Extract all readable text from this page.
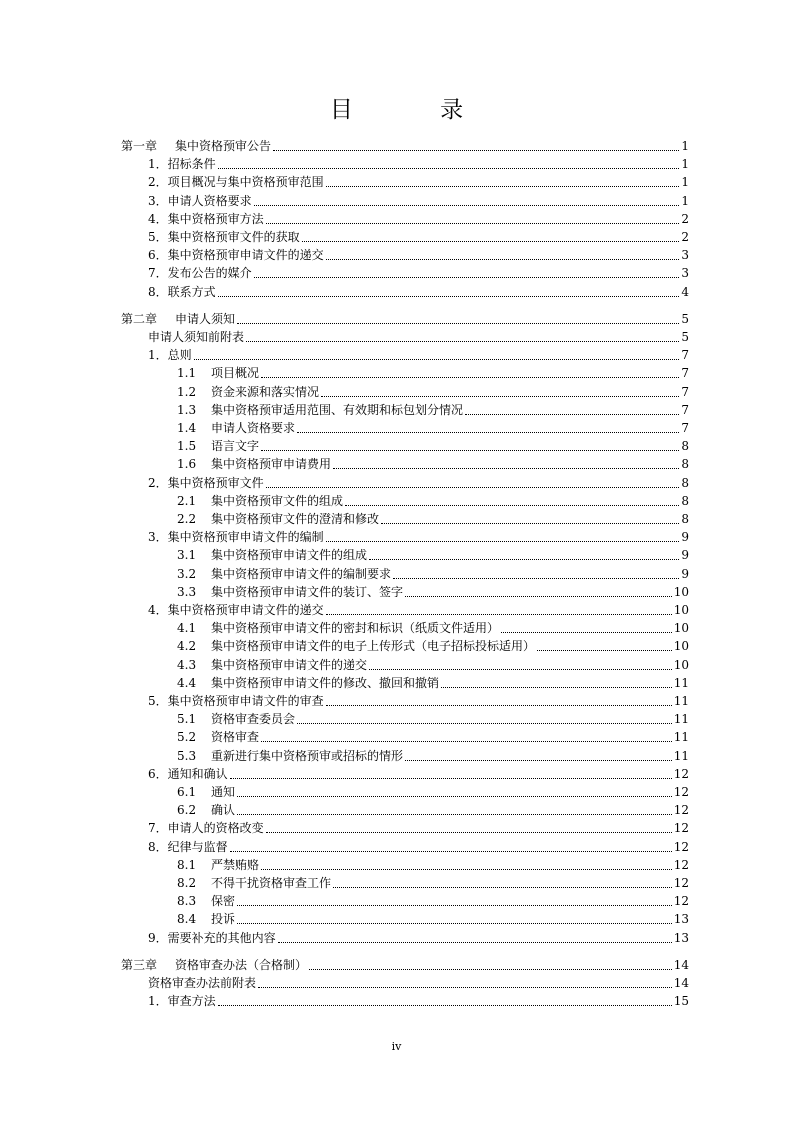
目 录
第一章	集中资格预审公告	1
1．招标条件	1
2．项目概况与集中资格预审范围	1
3．申请人资格要求	1
4．集中资格预审方法	2
5．集中资格预审文件的获取	2
6．集中资格预审申请文件的递交	3
7．发布公告的媒介	3
8．联系方式	4
第二章	申请人须知	5
申请人须知前附表	5
1．总则	7
1.1	项目概况	7
1.2	资金来源和落实情况	7
1.3	集中资格预审适用范围、有效期和标包划分情况	7
1.4	申请人资格要求	7
1.5	语言文字	8
1.6	集中资格预审申请费用	8
2．集中资格预审文件	8
2.1	集中资格预审文件的组成	8
2.2	集中资格预审文件的澄清和修改	8
3．集中资格预审申请文件的编制	9
3.1	集中资格预审申请文件的组成	9
3.2	集中资格预审申请文件的编制要求	9
3.3	集中资格预审申请文件的装订、签字	10
4．集中资格预审申请文件的递交	10
4.1	集中资格预审申请文件的密封和标识（纸质文件适用）	10
4.2	集中资格预审申请文件的电子上传形式（电子招标投标适用）	10
4.3	集中资格预审申请文件的递交	10
4.4	集中资格预审申请文件的修改、撤回和撤销	11
5．集中资格预审申请文件的审查	11
5.1	资格审查委员会	11
5.2	资格审查	11
5.3	重新进行集中资格预审或招标的情形	11
6．通知和确认	12
6.1	通知	12
6.2	确认	12
7．申请人的资格改变	12
8．纪律与监督	12
8.1	严禁贿赂	12
8.2	不得干扰资格审查工作	12
8.3	保密	12
8.4	投诉	13
9．需要补充的其他内容	13
第三章	资格审查办法（合格制）	14
资格审查办法前附表	14
1．审查方法	15
iv
